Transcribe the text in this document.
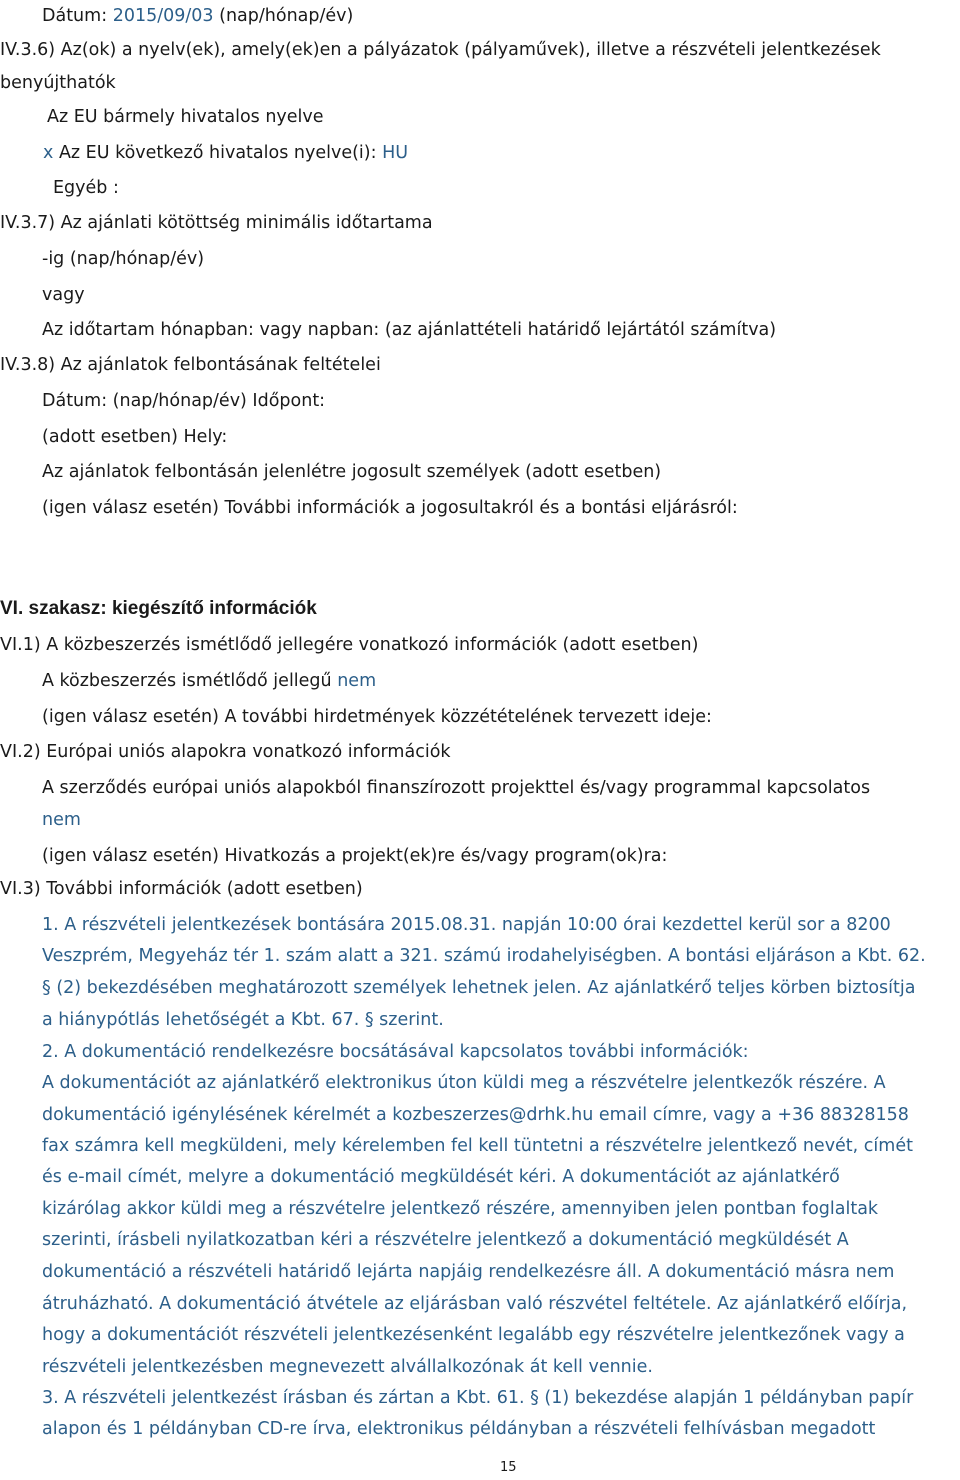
Dátum: 2015/09/03 (nap/hónap/év)
IV.3.6) Az(ok) a nyelv(ek), amely(ek)en a pályázatok (pályaművek), illetve a részvételi jelentkezések
benyújthatók
Az EU bármely hivatalos nyelve
x Az EU következő hivatalos nyelve(i): HU
Egyéb :
IV.3.7) Az ajánlati kötöttség minimális időtartama
-ig (nap/hónap/év)
vagy
Az időtartam hónapban: vagy napban: (az ajánlattételi határidő lejártától számítva)
IV.3.8) Az ajánlatok felbontásának feltételei
Dátum: (nap/hónap/év) Időpont:
(adott esetben) Hely:
Az ajánlatok felbontásán jelenlétre jogosult személyek (adott esetben)
(igen válasz esetén) További információk a jogosultakról és a bontási eljárásról:
VI. szakasz: kiegészítő információk
VI.1) A közbeszerzés ismétlődő jellegére vonatkozó információk (adott esetben)
A közbeszerzés ismétlődő jellegű nem
(igen válasz esetén) A további hirdetmények közzétételének tervezett ideje:
VI.2) Európai uniós alapokra vonatkozó információk
A szerződés európai uniós alapokból finanszírozott projekttel és/vagy programmal kapcsolatos
nem
(igen válasz esetén) Hivatkozás a projekt(ek)re és/vagy program(ok)ra:
VI.3) További információk (adott esetben)
1. A részvételi jelentkezések bontására 2015.08.31. napján 10:00 órai kezdettel kerül sor a 8200
Veszprém, Megyeház tér 1. szám alatt a 321. számú irodahelyiségben. A bontási eljáráson a Kbt. 62.
§ (2) bekezdésében meghatározott személyek lehetnek jelen. Az ajánlatkérő teljes körben biztosítja
a hiánypótlás lehetőségét a Kbt. 67. § szerint.
2. A dokumentáció rendelkezésre bocsátásával kapcsolatos további információk:
A dokumentációt az ajánlatkérő elektronikus úton küldi meg a részvételre jelentkezők részére. A
dokumentáció igénylésének kérelmét a kozbeszerzes@drhk.hu email címre, vagy a +36 88328158
fax számra kell megküldeni, mely kérelemben fel kell tüntetni a részvételre jelentkező nevét, címét
és e-mail címét, melyre a dokumentáció megküldését kéri. A dokumentációt az ajánlatkérő
kizárólag akkor küldi meg a részvételre jelentkező részére, amennyiben jelen pontban foglaltak
szerinti, írásbeli nyilatkozatban kéri a részvételre jelentkező a dokumentáció megküldését A
dokumentáció a részvételi határidő lejárta napjáig rendelkezésre áll. A dokumentáció másra nem
átruházható. A dokumentáció átvétele az eljárásban való részvétel feltétele. Az ajánlatkérő előírja,
hogy a dokumentációt részvételi jelentkezésenként legalább egy részvételre jelentkezőnek vagy a
részvételi jelentkezésben megnevezett alvállalkozónak át kell vennie.
3. A részvételi jelentkezést írásban és zártan a Kbt. 61. § (1) bekezdése alapján 1 példányban papír
alapon és 1 példányban CD-re írva, elektronikus példányban a részvételi felhívásban megadott
15
